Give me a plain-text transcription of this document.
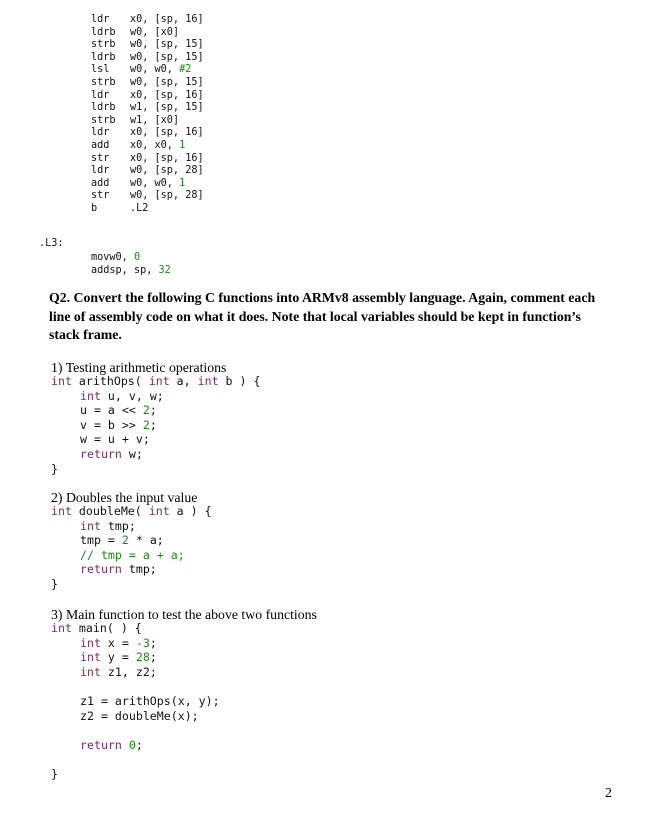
ldr x0, [sp, 16]
ldrb w0, [x0]
strb w0, [sp, 15]
ldrb w0, [sp, 15]
lsl w0, w0, #2
strb w0, [sp, 15]
ldr x0, [sp, 16]
ldrb w1, [sp, 15]
strb w1, [x0]
ldr x0, [sp, 16]
add x0, x0, 1
str x0, [sp, 16]
ldr w0, [sp, 28]
add w0, w0, 1
str w0, [sp, 28]
b	.L2
.L3:
movw0, 0
addsp, sp, 32
Q2. Convert the following C functions into ARMv8 assembly language. Again, comment each line of assembly code on what it does. Note that local variables should be kept in function’s stack frame.
1) Testing arithmetic operations
int arithOps( int a, int b ) {
int u, v, w;
u = a << 2;
v = b >> 2;
w = u + v;
return w;
}
2) Doubles the input value
int doubleMe( int a ) {
int tmp;
tmp = 2 * a;
// tmp = a + a;
return tmp;
}
3) Main function to test the above two functions
int main( ) {
int x = -3;
int y = 28;
int z1, z2;
z1 = arithOps(x, y);
z2 = doubleMe(x);
return 0;
}
2
